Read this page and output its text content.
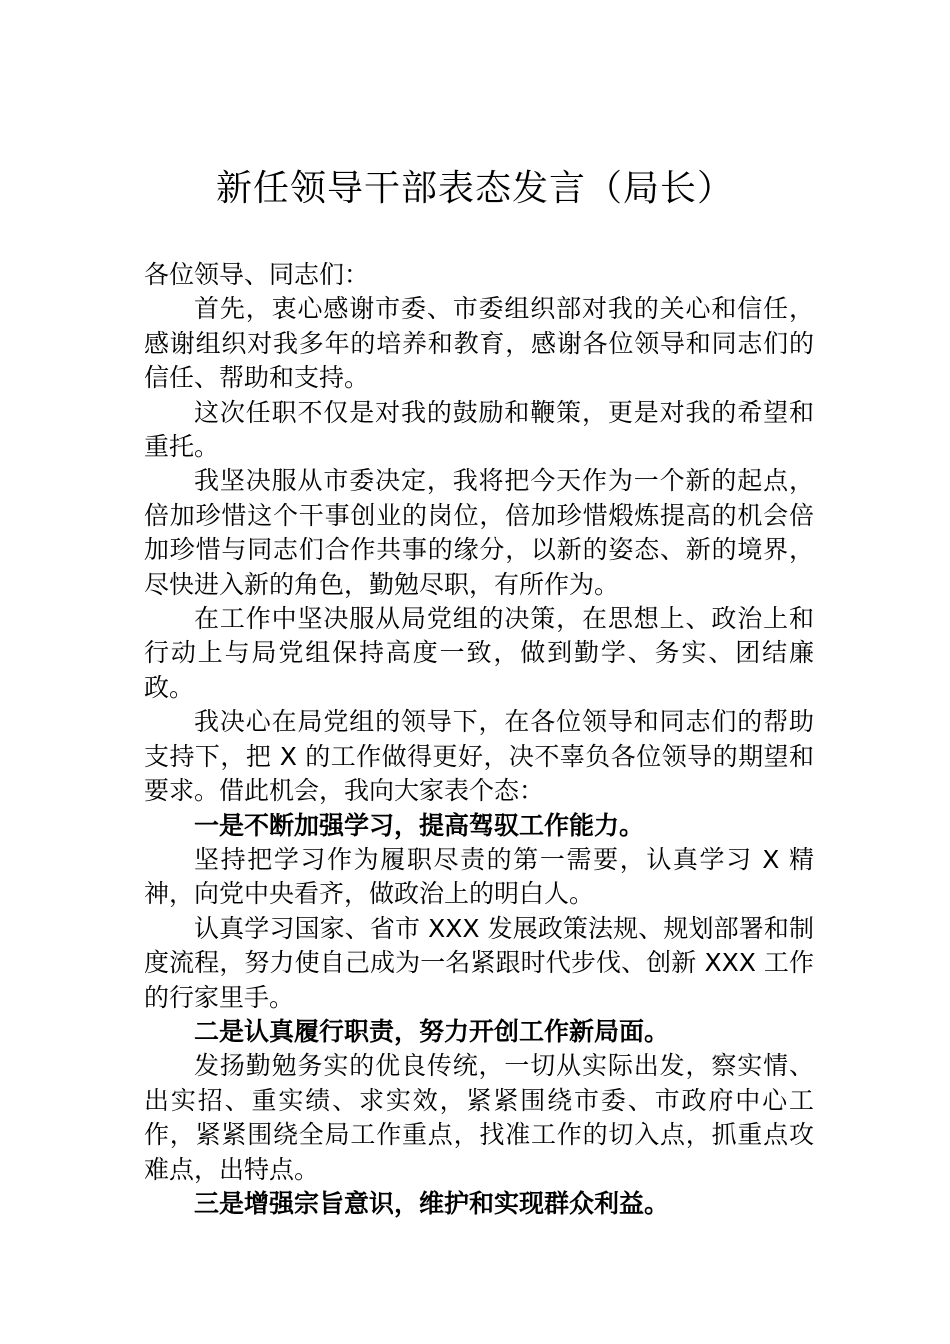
新任领导干部表态发言（局长）

各位领导、同志们：

首先，衷心感谢市委、市委组织部对我的关心和信任，感谢组织对我多年的培养和教育，感谢各位领导和同志们的信任、帮助和支持。

这次任职不仅是对我的鼓励和鞭策，更是对我的希望和重托。

我坚决服从市委决定，我将把今天作为一个新的起点，倍加珍惜这个干事创业的岗位，倍加珍惜煅炼提高的机会倍加珍惜与同志们合作共事的缘分，以新的姿态、新的境界，尽快进入新的角色，勤勉尽职，有所作为。

在工作中坚决服从局党组的决策，在思想上、政治上和行动上与局党组保持高度一致，做到勤学、务实、团结廉政。

我决心在局党组的领导下，在各位领导和同志们的帮助支持下，把 X 的工作做得更好，决不辜负各位领导的期望和要求。借此机会，我向大家表个态：

一是不断加强学习，提高驾驭工作能力。

坚持把学习作为履职尽责的第一需要，认真学习 X 精神，向党中央看齐，做政治上的明白人。

认真学习国家、省市 XXX 发展政策法规、规划部署和制度流程，努力使自己成为一名紧跟时代步伐、创新 XXX 工作的行家里手。

二是认真履行职责，努力开创工作新局面。

发扬勤勉务实的优良传统，一切从实际出发，察实情、出实招、重实绩、求实效，紧紧围绕市委、市政府中心工作，紧紧围绕全局工作重点，找准工作的切入点，抓重点攻难点，出特点。

三是增强宗旨意识，维护和实现群众利益。
